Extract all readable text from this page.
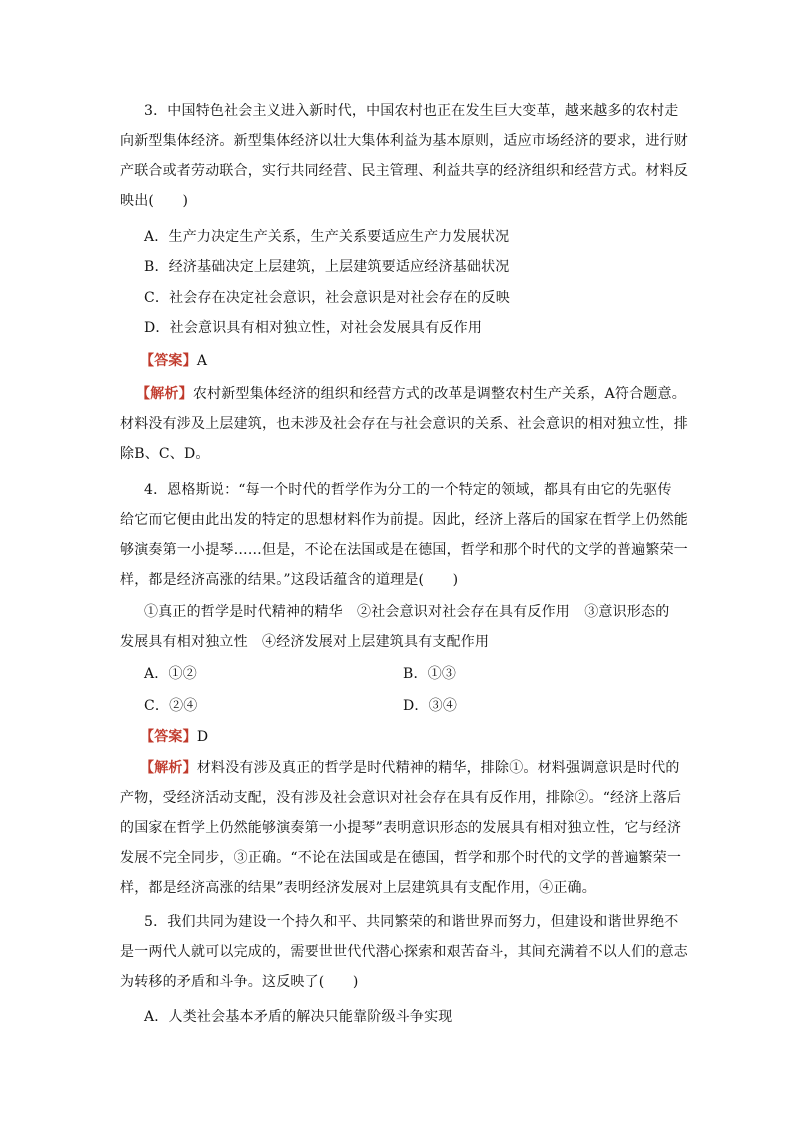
3．中国特色社会主义进入新时代，中国农村也正在发生巨大变革，越来越多的农村走
向新型集体经济。新型集体经济以壮大集体利益为基本原则，适应市场经济的要求，进行财
产联合或者劳动联合，实行共同经营、民主管理、利益共享的经济组织和经营方式。材料反
映出(　　)
A．生产力决定生产关系，生产关系要适应生产力发展状况
B．经济基础决定上层建筑，上层建筑要适应经济基础状况
C．社会存在决定社会意识，社会意识是对社会存在的反映
D．社会意识具有相对独立性，对社会发展具有反作用
【答案】A
【解析】农村新型集体经济的组织和经营方式的改革是调整农村生产关系，A符合题意。
材料没有涉及上层建筑，也未涉及社会存在与社会意识的关系、社会意识的相对独立性，排
除B、C、D。
4．恩格斯说：“每一个时代的哲学作为分工的一个特定的领域，都具有由它的先驱传
给它而它便由此出发的特定的思想材料作为前提。因此，经济上落后的国家在哲学上仍然能
够演奏第一小提琴……但是，不论在法国或是在德国，哲学和那个时代的文学的普遍繁荣一
样，都是经济高涨的结果。”这段话蕴含的道理是(　　)
①真正的哲学是时代精神的精华　②社会意识对社会存在具有反作用　③意识形态的
发展具有相对独立性　④经济发展对上层建筑具有支配作用
A．①②	B．①③
C．②④	D．③④
【答案】D
【解析】材料没有涉及真正的哲学是时代精神的精华，排除①。材料强调意识是时代的
产物，受经济活动支配，没有涉及社会意识对社会存在具有反作用，排除②。“经济上落后
的国家在哲学上仍然能够演奏第一小提琴”表明意识形态的发展具有相对独立性，它与经济
发展不完全同步，③正确。“不论在法国或是在德国，哲学和那个时代的文学的普遍繁荣一
样，都是经济高涨的结果”表明经济发展对上层建筑具有支配作用，④正确。
5．我们共同为建设一个持久和平、共同繁荣的和谐世界而努力，但建设和谐世界绝不
是一两代人就可以完成的，需要世世代代潜心探索和艰苦奋斗，其间充满着不以人们的意志
为转移的矛盾和斗争。这反映了(　　)
A．人类社会基本矛盾的解决只能靠阶级斗争实现
